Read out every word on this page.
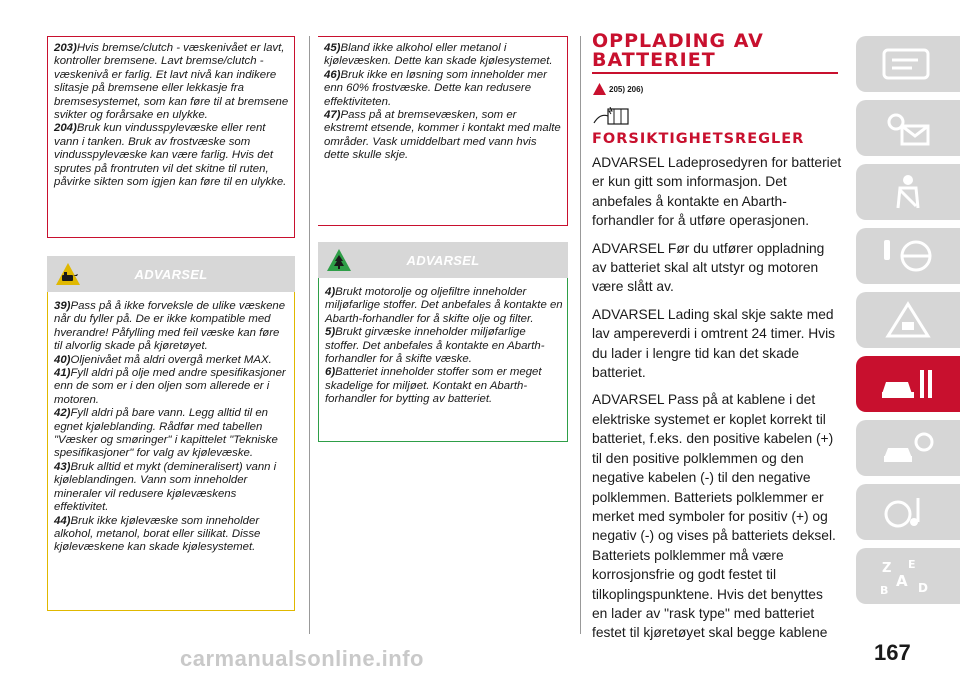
203)Hvis bremse/clutch - væskenivået er lavt, kontroller bremsene. Lavt bremse/clutch - væskenivå er farlig. Et lavt nivå kan indikere slitasje på bremsene eller lekkasje fra bremsesystemet, som kan føre til at bremsene svikter og forårsake en ulykke.

204)Bruk kun vindusspylevæske eller rent vann i tanken. Bruk av frostvæske som vindusspylevæske kan være farlig. Hvis det sprutes på frontruten vil det skitne til ruten, påvirke sikten som igjen kan føre til en ulykke.

ADVARSEL

39)Pass på å ikke forveksle de ulike væskene når du fyller på. De er ikke kompatible med hverandre! Påfylling med feil væske kan føre til alvorlig skade på kjøretøyet.

40)Oljenivået må aldri overgå merket MAX.

41)Fyll aldri på olje med andre spesifikasjoner enn de som er i den oljen som allerede er i motoren.

42)Fyll aldri på bare vann. Legg alltid til en egnet kjøleblanding. Rådfør med tabellen "Væsker og smøringer" i kapittelet "Tekniske spesifikasjoner" for valg av kjølevæske.

43)Bruk alltid et mykt (demineralisert) vann i kjøleblandingen. Vann som inneholder mineraler vil redusere kjølevæskens effektivitet.

44)Bruk ikke kjølevæske som inneholder alkohol, metanol, borat eller silikat. Disse kjølevæskene kan skade kjølesystemet.

45)Bland ikke alkohol eller metanol i kjølevæsken. Dette kan skade kjølesystemet.

46)Bruk ikke en løsning som inneholder mer enn 60% frostvæske. Dette kan redusere effektiviteten.

47)Pass på at bremsevæsken, som er ekstremt etsende, kommer i kontakt med malte områder. Vask umiddelbart med vann hvis dette skulle skje.

ADVARSEL

4)Brukt motorolje og oljefiltre inneholder miljøfarlige stoffer. Det anbefales å kontakte en Abarth-forhandler for å skifte olje og filter.

5)Brukt girvæske inneholder miljøfarlige stoffer. Det anbefales å kontakte en Abarth-forhandler for å skifte væske.

6)Batteriet inneholder stoffer som er meget skadelige for miljøet. Kontakt en Abarth-forhandler for bytting av batteriet.

OPPLADING AV
BATTERIET
205) 206)
FORSIKTIGHETSREGLER

ADVARSEL Ladeprosedyren for batteriet er kun gitt som informasjon. Det anbefales å kontakte en Abarth-forhandler for å utføre operasjonen.

ADVARSEL Før du utfører oppladning av batteriet skal alt utstyr og motoren være slått av.

ADVARSEL Lading skal skje sakte med lav ampereverdi i omtrent 24 timer. Hvis du lader i lengre tid kan det skade batteriet.

ADVARSEL Pass på at kablene i det elektriske systemet er koplet korrekt til batteriet, f.eks. den positive kabelen (+) til den positive polklemmen og den negative kabelen (-) til den negative polklemmen. Batteriets polklemmer er merket med symboler for positiv (+) og negativ (-) og vises på batteriets deksel. Batteriets polklemmer må være korrosjonsfrie og godt festet til tilkoplingspunktene. Hvis det benyttes en lader av "rask type" med batteriet festet til kjøretøyet skal begge kablene

Z E
A
B D
167
carmanualsonline.info
